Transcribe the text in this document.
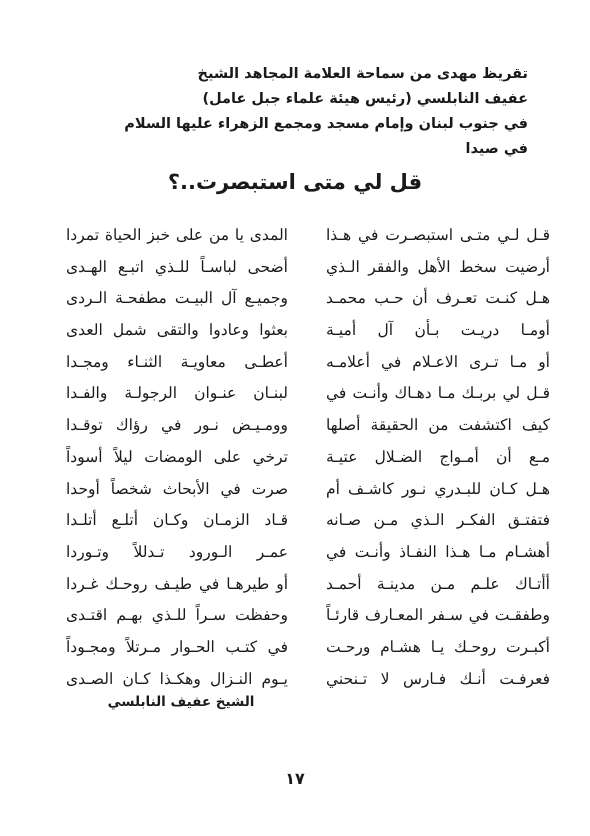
تقريظ مهدى من سماحة العلامة المجاهد الشيخ
عفيف النابلسي (رئيس هيئة علماء جبل عامل)
في جنوب لبنان وإمام مسجد ومجمع الزهراء عليها السلام
في صيدا
قل لي متى استبصرت..؟
قـل لـي متـى استبصـرت في هـذا
أرضيت سخط الأهل والفقر الـذي
هـل كنـت تعـرف أن حـب محمـد
أومـا دريـت بـأن آل أميـة
أو مـا تـرى الاعـلام في أعلامـه
قـل لي بربـك مـا دهـاك وأنـت في
كيف اكتشفت من الحقيقة أصلها
مـع أن أمـواج الضـلال عتيـة
هـل كـان للبـدري نـور كاشـف أم
فتفتـق الفكـر الـذي مـن صـانه
أهشـام مـا هـذا النفـاذ وأنـت في
أأتـاك علـم مـن مدينـة أحمـد
وطفقـت في سـفر المعـارف قارئـاً
أكبـرت روحـك يـا هشـام ورحـت
فعرفـت أنـك فـارس لا تـنحني
المدى يا من على خبز الحياة تمردا
أضحى لباسـاً للـذي اتبـع الهـدى
وجميـع آل البيـت مطفحـة الـردى
بعثوا وعادوا والتقى شمل العدى
أعطـى معاويـة الثنـاء ومجـدا
لبنـان عنـوان الرجولـة والفـدا
وومـيـض نـور في رؤاك توقـدا
ترخي على الومضات ليلاً أسوداً
صرت في الأبحاث شخصاً أوحدا
قـاد الزمـان وكـان أتلـع أتلـدا
عمـر الـورود تـدللاً وتـوردا
أو طيرهـا في طيـف روحـك غـردا
وحفظت سـراً للـذي بهـم اقتـدى
في كتـب الحـوار مـرتلاً ومجـوداً
يـوم النـزال وهكـذا كـان الصـدى
الشيخ عفيف النابلسي
١٧
